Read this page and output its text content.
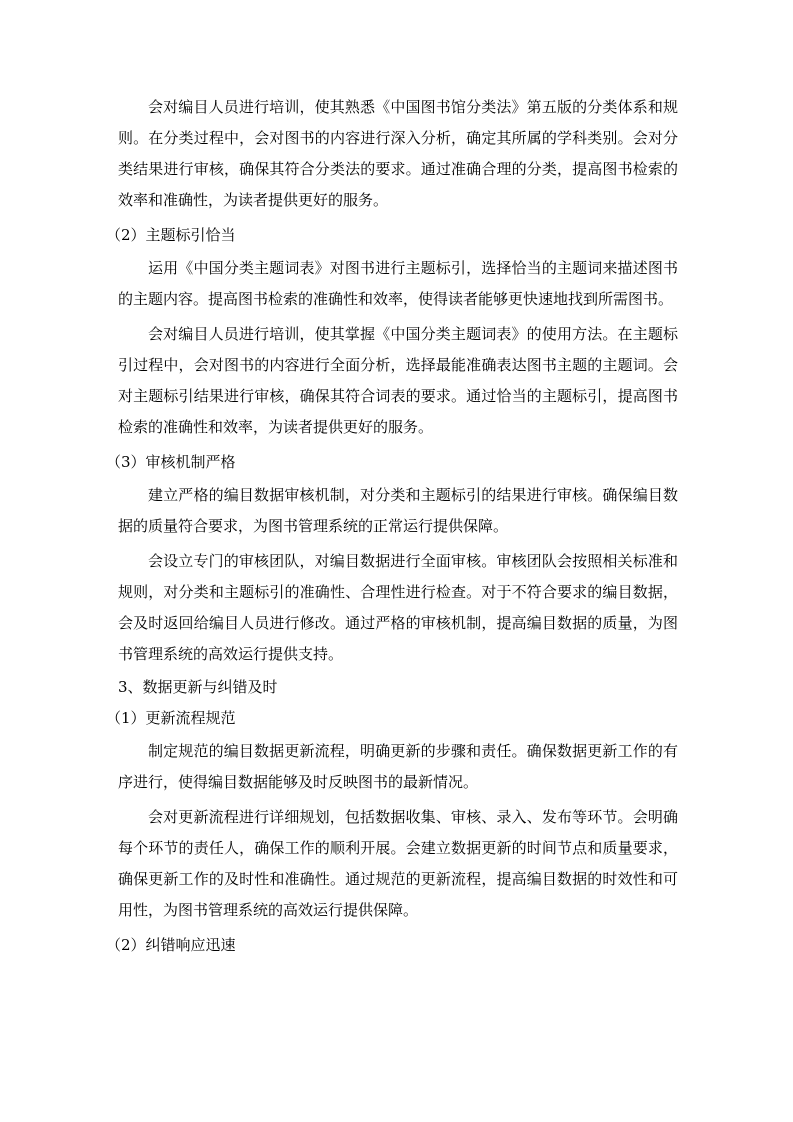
会对编目人员进行培训，使其熟悉《中国图书馆分类法》第五版的分类体系和规则。在分类过程中，会对图书的内容进行深入分析，确定其所属的学科类别。会对分类结果进行审核，确保其符合分类法的要求。通过准确合理的分类，提高图书检索的效率和准确性，为读者提供更好的服务。

（2）主题标引恰当

运用《中国分类主题词表》对图书进行主题标引，选择恰当的主题词来描述图书的主题内容。提高图书检索的准确性和效率，使得读者能够更快速地找到所需图书。

会对编目人员进行培训，使其掌握《中国分类主题词表》的使用方法。在主题标引过程中，会对图书的内容进行全面分析，选择最能准确表达图书主题的主题词。会对主题标引结果进行审核，确保其符合词表的要求。通过恰当的主题标引，提高图书检索的准确性和效率，为读者提供更好的服务。

（3）审核机制严格

建立严格的编目数据审核机制，对分类和主题标引的结果进行审核。确保编目数据的质量符合要求，为图书管理系统的正常运行提供保障。

会设立专门的审核团队，对编目数据进行全面审核。审核团队会按照相关标准和规则，对分类和主题标引的准确性、合理性进行检查。对于不符合要求的编目数据，会及时返回给编目人员进行修改。通过严格的审核机制，提高编目数据的质量，为图书管理系统的高效运行提供支持。

3、数据更新与纠错及时

（1）更新流程规范

制定规范的编目数据更新流程，明确更新的步骤和责任。确保数据更新工作的有序进行，使得编目数据能够及时反映图书的最新情况。

会对更新流程进行详细规划，包括数据收集、审核、录入、发布等环节。会明确每个环节的责任人，确保工作的顺利开展。会建立数据更新的时间节点和质量要求，确保更新工作的及时性和准确性。通过规范的更新流程，提高编目数据的时效性和可用性，为图书管理系统的高效运行提供保障。

（2）纠错响应迅速
